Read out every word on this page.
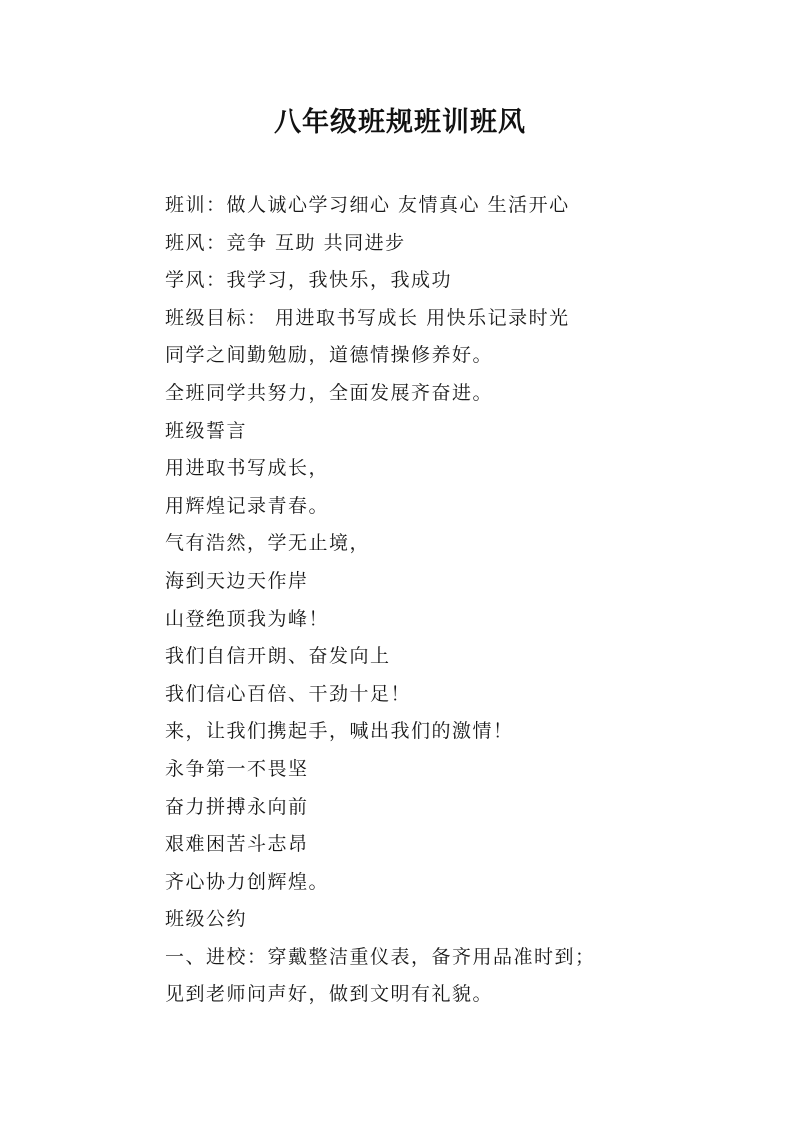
八年级班规班训班风
班训：做人诚心学习细心 友情真心 生活开心
班风：竞争 互助 共同进步
学风：我学习，我快乐，我成功
班级目标： 用进取书写成长 用快乐记录时光
同学之间勤勉励，道德情操修养好。
全班同学共努力，全面发展齐奋进。
班级誓言
用进取书写成长，
用辉煌记录青春。
气有浩然，学无止境，
海到天边天作岸
山登绝顶我为峰！
我们自信开朗、奋发向上
我们信心百倍、干劲十足！
来，让我们携起手，喊出我们的激情！
永争第一不畏坚
奋力拼搏永向前
艰难困苦斗志昂
齐心协力创辉煌。
班级公约
一、进校：穿戴整洁重仪表，备齐用品准时到；
见到老师问声好，做到文明有礼貌。
